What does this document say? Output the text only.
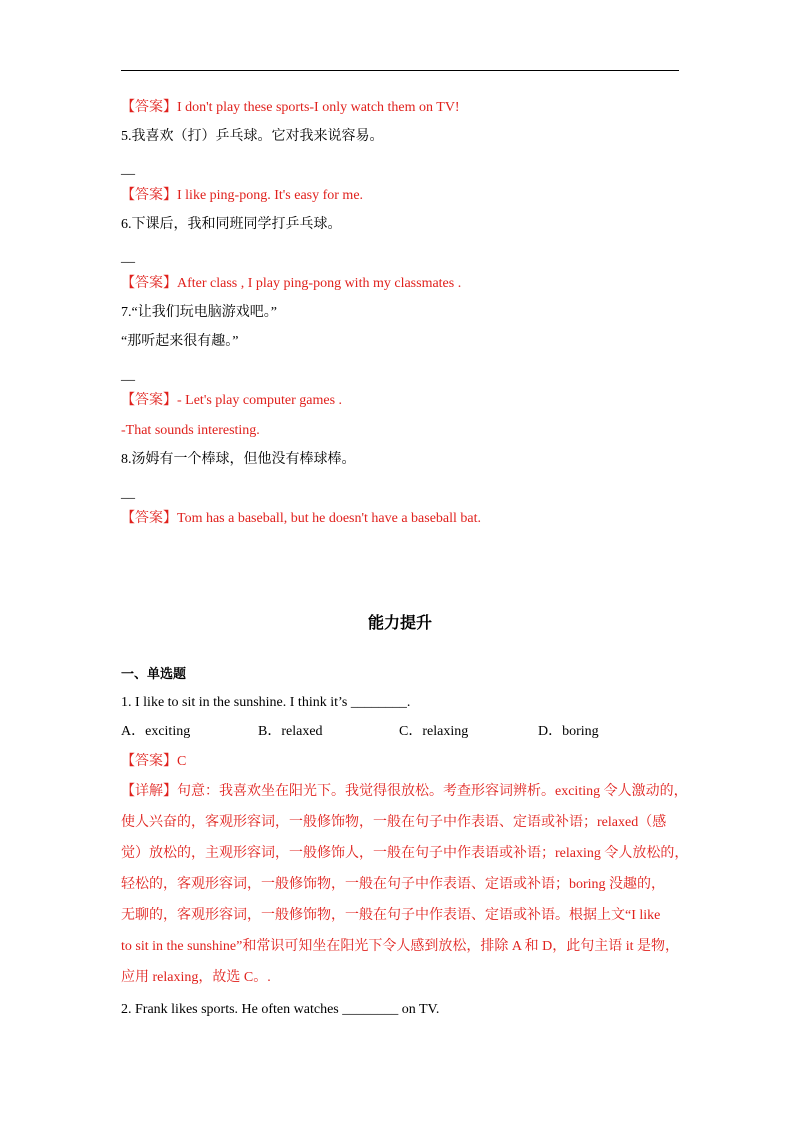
【答案】I don't play these sports-I only watch them on TV!
5.我喜欢（打）乒乓球。它对我来说容易。
__
【答案】I like ping-pong. It's easy for me.
6.下课后，我和同班同学打乒乓球。
__
【答案】After class , I play ping-pong with my classmates .
7.“让我们玩电脑游戏吧。”
“那听起来很有趣。”
__
【答案】- Let's play computer games .
-That sounds interesting.
8.汤姆有一个棒球，但他没有棒球棒。
__
【答案】Tom has a baseball, but he doesn't have a baseball bat.
能力提升
一、单选题
1. I like to sit in the sunshine. I think it’s ________.
A．exciting	B．relaxed	C．relaxing	D．boring
【答案】C
【详解】句意：我喜欢坐在阳光下。我觉得很放松。考查形容词辨析。exciting 令人激动的，
使人兴奋的，客观形容词，一般修饰物，一般在句子中作表语、定语或补语；relaxed（感
觉）放松的，主观形容词，一般修饰人，一般在句子中作表语或补语；relaxing 令人放松的，
轻松的，客观形容词，一般修饰物，一般在句子中作表语、定语或补语；boring 没趣的，
无聊的，客观形容词，一般修饰物，一般在句子中作表语、定语或补语。根据上文“I like
to sit in the sunshine”和常识可知坐在阳光下令人感到放松，排除 A 和 D，此句主语 it 是物，
应用 relaxing，故选 C。.
2. Frank likes sports. He often watches ________ on TV.
